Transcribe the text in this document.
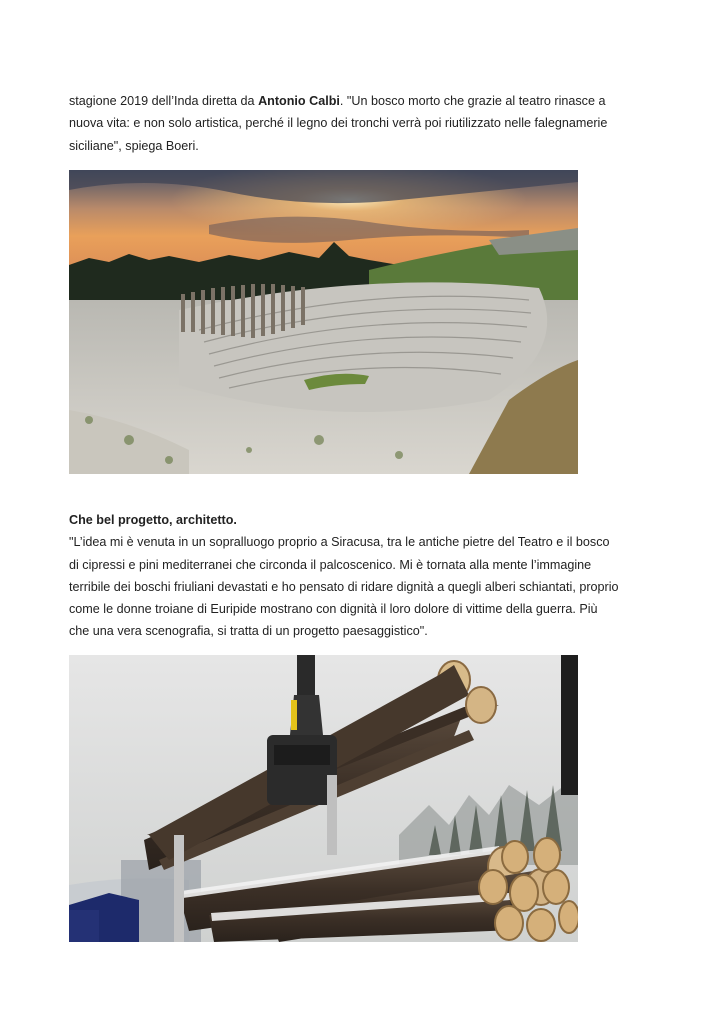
stagione 2019 dell’Inda diretta da Antonio Calbi. "Un bosco morto che grazie al teatro rinasce a

nuova vita: e non solo artistica, perché il legno dei tronchi verrà poi riutilizzato nelle falegnamerie

siciliane", spiega Boeri.

Che bel progetto, architetto.

"L’idea mi è venuta in un sopralluogo proprio a Siracusa, tra le antiche pietre del Teatro e il bosco

di cipressi e pini mediterranei che circonda il palcoscenico. Mi è tornata alla mente l’immagine

terribile dei boschi friuliani devastati e ho pensato di ridare dignità a quegli alberi schiantati, proprio

come le donne troiane di Euripide mostrano con dignità il loro dolore di vittime della guerra. Più

che una vera scenografia, si tratta di un progetto paesaggistico".
